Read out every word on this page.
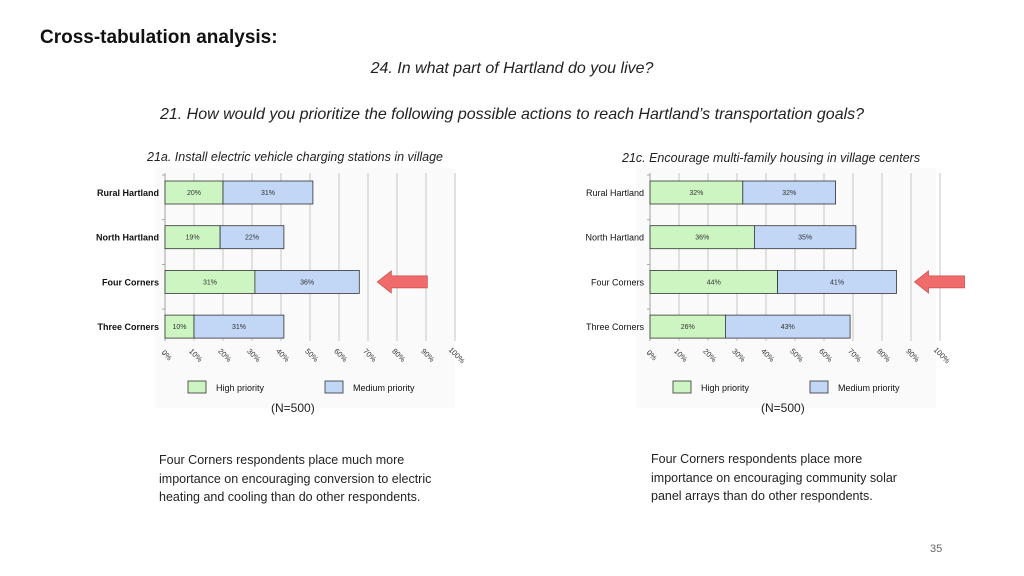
Cross-tabulation analysis:
24. In what part of Hartland do you live?
21. How would you prioritize the following possible actions to reach Hartland’s transportation goals?
21a. Install electric vehicle charging stations in village	21c. Encourage multi-family housing in village centers
Rural Hartland	20%	31%
North Hartland	19%	22%
Four Corners	31%	36%
Three Corners 10%	31%
0% 10% 20% 30% 40% 50% 60% 70% 80% 90% 100%
High priority	Medium priority
Rural Hartland	32%	32%
North Hartland	36%	35%
Four Corners	44%	41%
Three Corners	26%	43%
0% 10% 20% 30% 40% 50% 60% 70% 80% 90% 100%
High priority	Medium priority
(N=500)	(N=500)
Four Corners respondents place much more
importance on encouraging conversion to electric
heating and cooling than do other respondents.
Four Corners respondents place more
importance on encouraging community solar
panel arrays than do other respondents.
35
